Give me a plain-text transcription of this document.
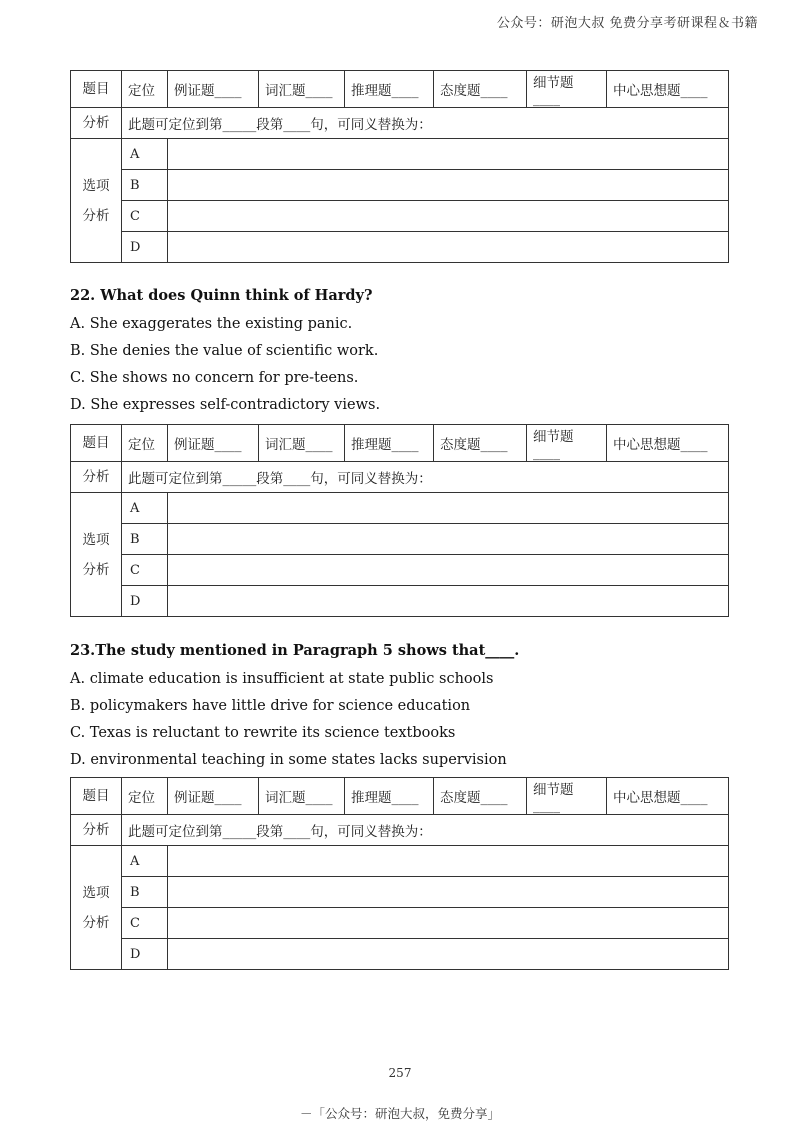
公众号：研泡大叔 免费分享考研课程＆书籍
题目	定位	例证题____	词汇题____	推理题____	态度题____	细节题____	中心思想题____
分析	此题可定位到第_____段第____句，可同义替换为：						

选项
分析	A						
	B						
	C						
	D						
22. What does Quinn think of Hardy?
A. She exaggerates the existing panic.
B. She denies the value of scientific work.
C. She shows no concern for pre-teens.
D. She expresses self-contradictory views.
题目	定位	例证题____	词汇题____	推理题____	态度题____	细节题____	中心思想题____
分析	此题可定位到第_____段第____句，可同义替换为：						

选项
分析	A						
	B						
	C						
	D						
23.The study mentioned in Paragraph 5 shows that____.
A. climate education is insufficient at state public schools
B. policymakers have little drive for science education
C. Texas is reluctant to rewrite its science textbooks
D. environmental teaching in some states lacks supervision
题目	定位	例证题____	词汇题____	推理题____	态度题____	细节题____	中心思想题____
分析	此题可定位到第_____段第____句，可同义替换为：						

选项
分析	A						
	B						
	C						
	D						
257
－「公众号：研泡大叔，免费分享」
